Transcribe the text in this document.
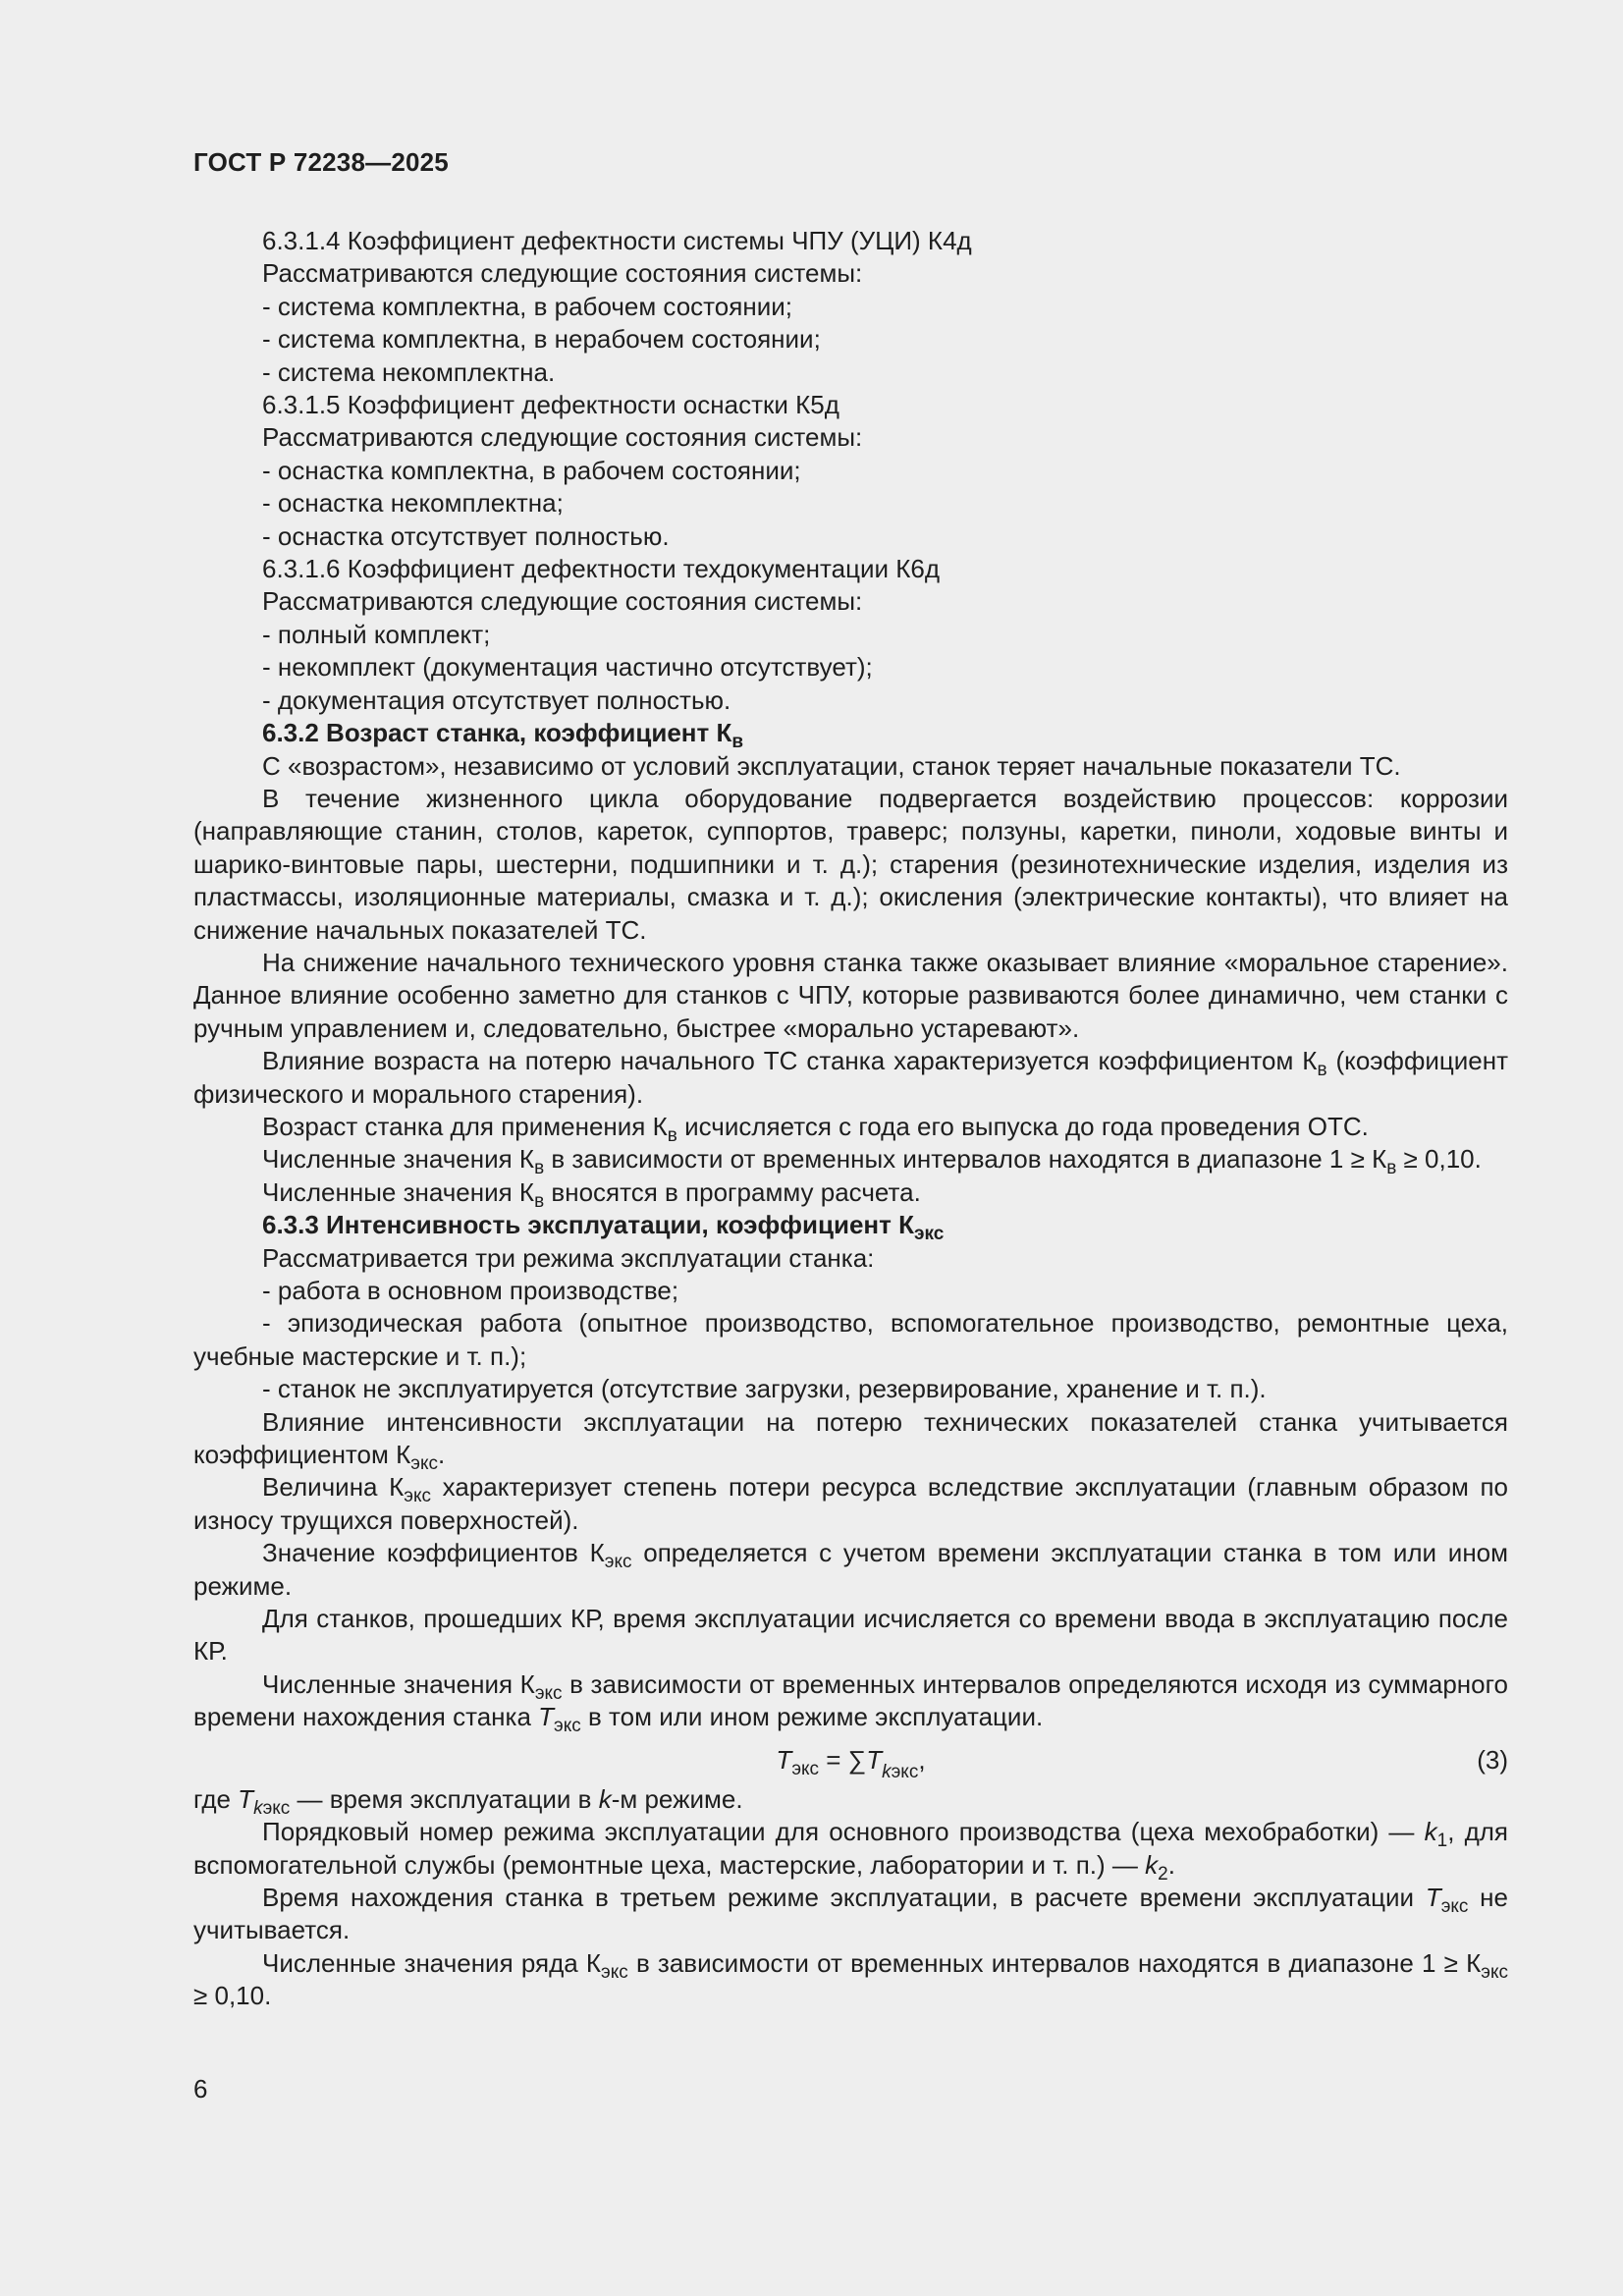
ГОСТ Р 72238—2025

6.3.1.4 Коэффициент дефектности системы ЧПУ (УЦИ) К4д

Рассматриваются следующие состояния системы:

- система комплектна, в рабочем состоянии;

- система комплектна, в нерабочем состоянии;

- система некомплектна.

6.3.1.5 Коэффициент дефектности оснастки К5д

Рассматриваются следующие состояния системы:

- оснастка комплектна, в рабочем состоянии;

- оснастка некомплектна;

- оснастка отсутствует полностью.

6.3.1.6 Коэффициент дефектности техдокументации К6д

Рассматриваются следующие состояния системы:

- полный комплект;

- некомплект (документация частично отсутствует);

- документация отсутствует полностью.

6.3.2 Возраст станка, коэффициент $К_в$

С «возрастом», независимо от условий эксплуатации, станок теряет начальные показатели ТС.

В течение жизненного цикла оборудование подвергается воздействию процессов: коррозии (направляющие станин, столов, кареток, суппортов, траверс; ползуны, каретки, пиноли, ходовые винты и шарико-винтовые пары, шестерни, подшипники и т. д.); старения (резинотехнические изделия, изделия из пластмассы, изоляционные материалы, смазка и т. д.); окисления (электрические контакты), что влияет на снижение начальных показателей ТС.

На снижение начального технического уровня станка также оказывает влияние «моральное старение». Данное влияние особенно заметно для станков с ЧПУ, которые развиваются более динамично, чем станки с ручным управлением и, следовательно, быстрее «морально устаревают».

Влияние возраста на потерю начального ТС станка характеризуется коэффициентом $К_в$ (коэффициент физического и морального старения).

Возраст станка для применения $К_в$ исчисляется с года его выпуска до года проведения ОТС.

Численные значения $К_в$ в зависимости от временных интервалов находятся в диапазоне $1 \ge К_в \ge 0,10$.

Численные значения $К_в$ вносятся в программу расчета.

6.3.3 Интенсивность эксплуатации, коэффициент $К_{экс}$

Рассматривается три режима эксплуатации станка:

- работа в основном производстве;

- эпизодическая работа (опытное производство, вспомогательное производство, ремонтные цеха, учебные мастерские и т. п.);

- станок не эксплуатируется (отсутствие загрузки, резервирование, хранение и т. п.).

Влияние интенсивности эксплуатации на потерю технических показателей станка учитывается коэффициентом $К_{экс}$.

Величина $К_{экс}$ характеризует степень потери ресурса вследствие эксплуатации (главным образом по износу трущихся поверхностей).

Значение коэффициентов $К_{экс}$ определяется с учетом времени эксплуатации станка в том или ином режиме.

Для станков, прошедших КР, время эксплуатации исчисляется со времени ввода в эксплуатацию после КР.

Численные значения $К_{экс}$ в зависимости от временных интервалов определяются исходя из суммарного времени нахождения станка $T_{экс}$ в том или ином режиме эксплуатации.

$T_{экс} = \sum T_{kэкс}$,	(3)

где $T_{kэкс}$ — время эксплуатации в k-м режиме.

Порядковый номер режима эксплуатации для основного производства (цеха мехобработки) — $k_1$, для вспомогательной службы (ремонтные цеха, мастерские, лаборатории и т. п.) — $k_2$.

Время нахождения станка в третьем режиме эксплуатации, в расчете времени эксплуатации $T_{экс}$ не учитывается.

Численные значения ряда $К_{экс}$ в зависимости от временных интервалов находятся в диапазоне $1 \ge К_{экс} \ge 0,10$.

6
